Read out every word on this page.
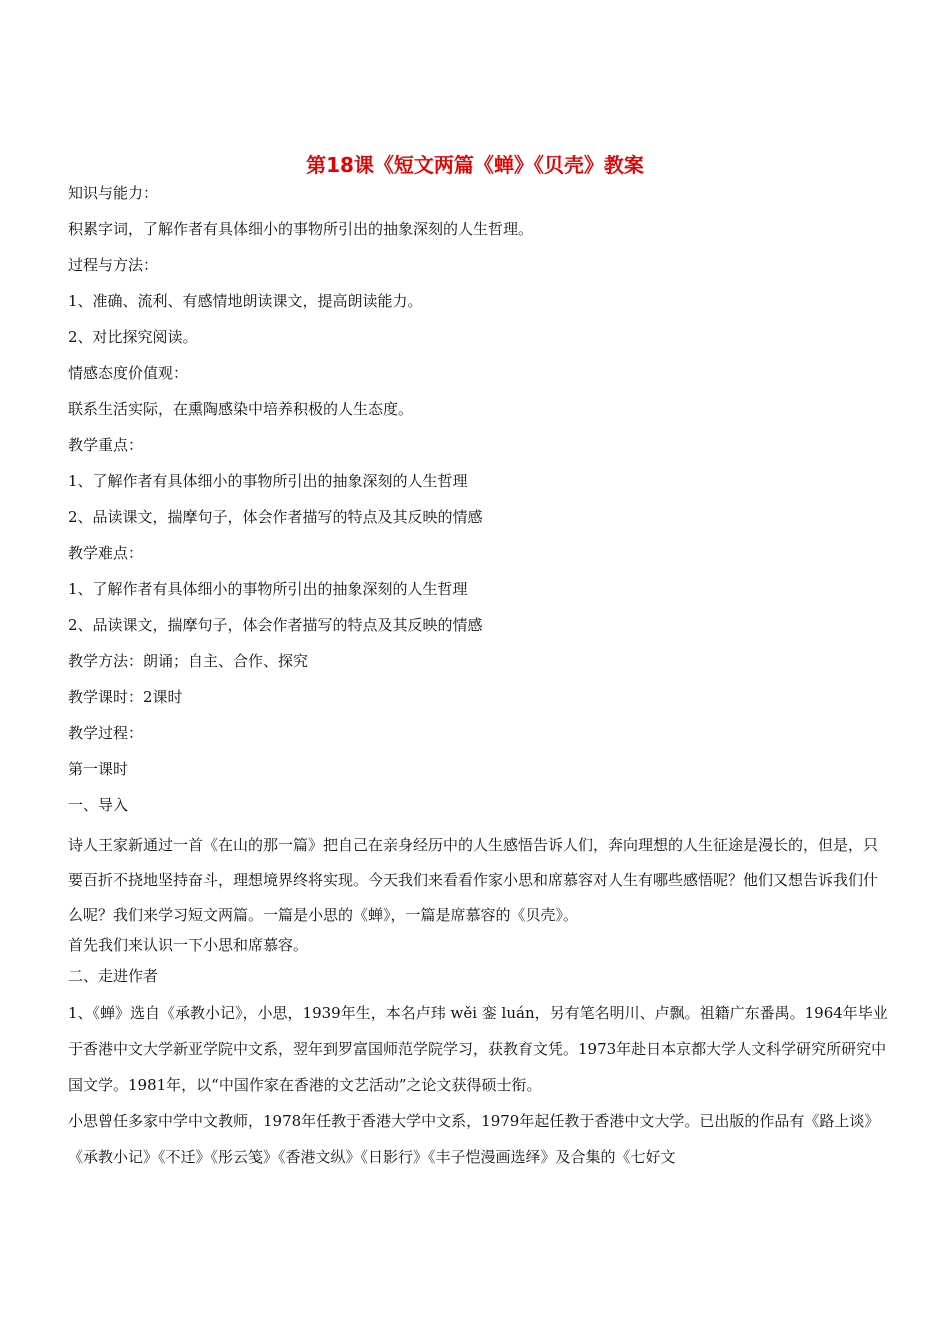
第18课《短文两篇《蝉》《贝壳》教案
知识与能力：
积累字词，了解作者有具体细小的事物所引出的抽象深刻的人生哲理。
过程与方法：
1、准确、流利、有感情地朗读课文，提高朗读能力。
2、对比探究阅读。
情感态度价值观：
联系生活实际，在熏陶感染中培养积极的人生态度。
教学重点：
1、了解作者有具体细小的事物所引出的抽象深刻的人生哲理
2、品读课文，揣摩句子，体会作者描写的特点及其反映的情感
教学难点：
1、了解作者有具体细小的事物所引出的抽象深刻的人生哲理
2、品读课文，揣摩句子，体会作者描写的特点及其反映的情感
教学方法：朗诵；自主、合作、探究
教学课时：2课时
教学过程：
第一课时
一、导入
诗人王家新通过一首《在山的那一篇》把自己在亲身经历中的人生感悟告诉人们，奔向理想的人生征途是漫长的，但是，只要百折不挠地坚持奋斗，理想境界终将实现。今天我们来看看作家小思和席慕容对人生有哪些感悟呢？他们又想告诉我们什么呢？我们来学习短文两篇。一篇是小思的《蝉》，一篇是席慕容的《贝壳》。
首先我们来认识一下小思和席慕容。
二、走进作者
1、《蝉》选自《承教小记》，小思，1939年生，本名卢玮 wěi 銮 luán，另有笔名明川、卢飘。祖籍广东番禺。1964年毕业于香港中文大学新亚学院中文系，翌年到罗富国师范学院学习，获教育文凭。1973年赴日本京都大学人文科学研究所研究中国文学。1981年，以“中国作家在香港的文艺活动”之论文获得硕士衔。
小思曾任多家中学中文教师，1978年任教于香港大学中文系，1979年起任教于香港中文大学。已出版的作品有《路上谈》《承教小记》《不迁》《彤云笺》《香港文纵》《日影行》《丰子恺漫画选绎》及合集的《七好文
